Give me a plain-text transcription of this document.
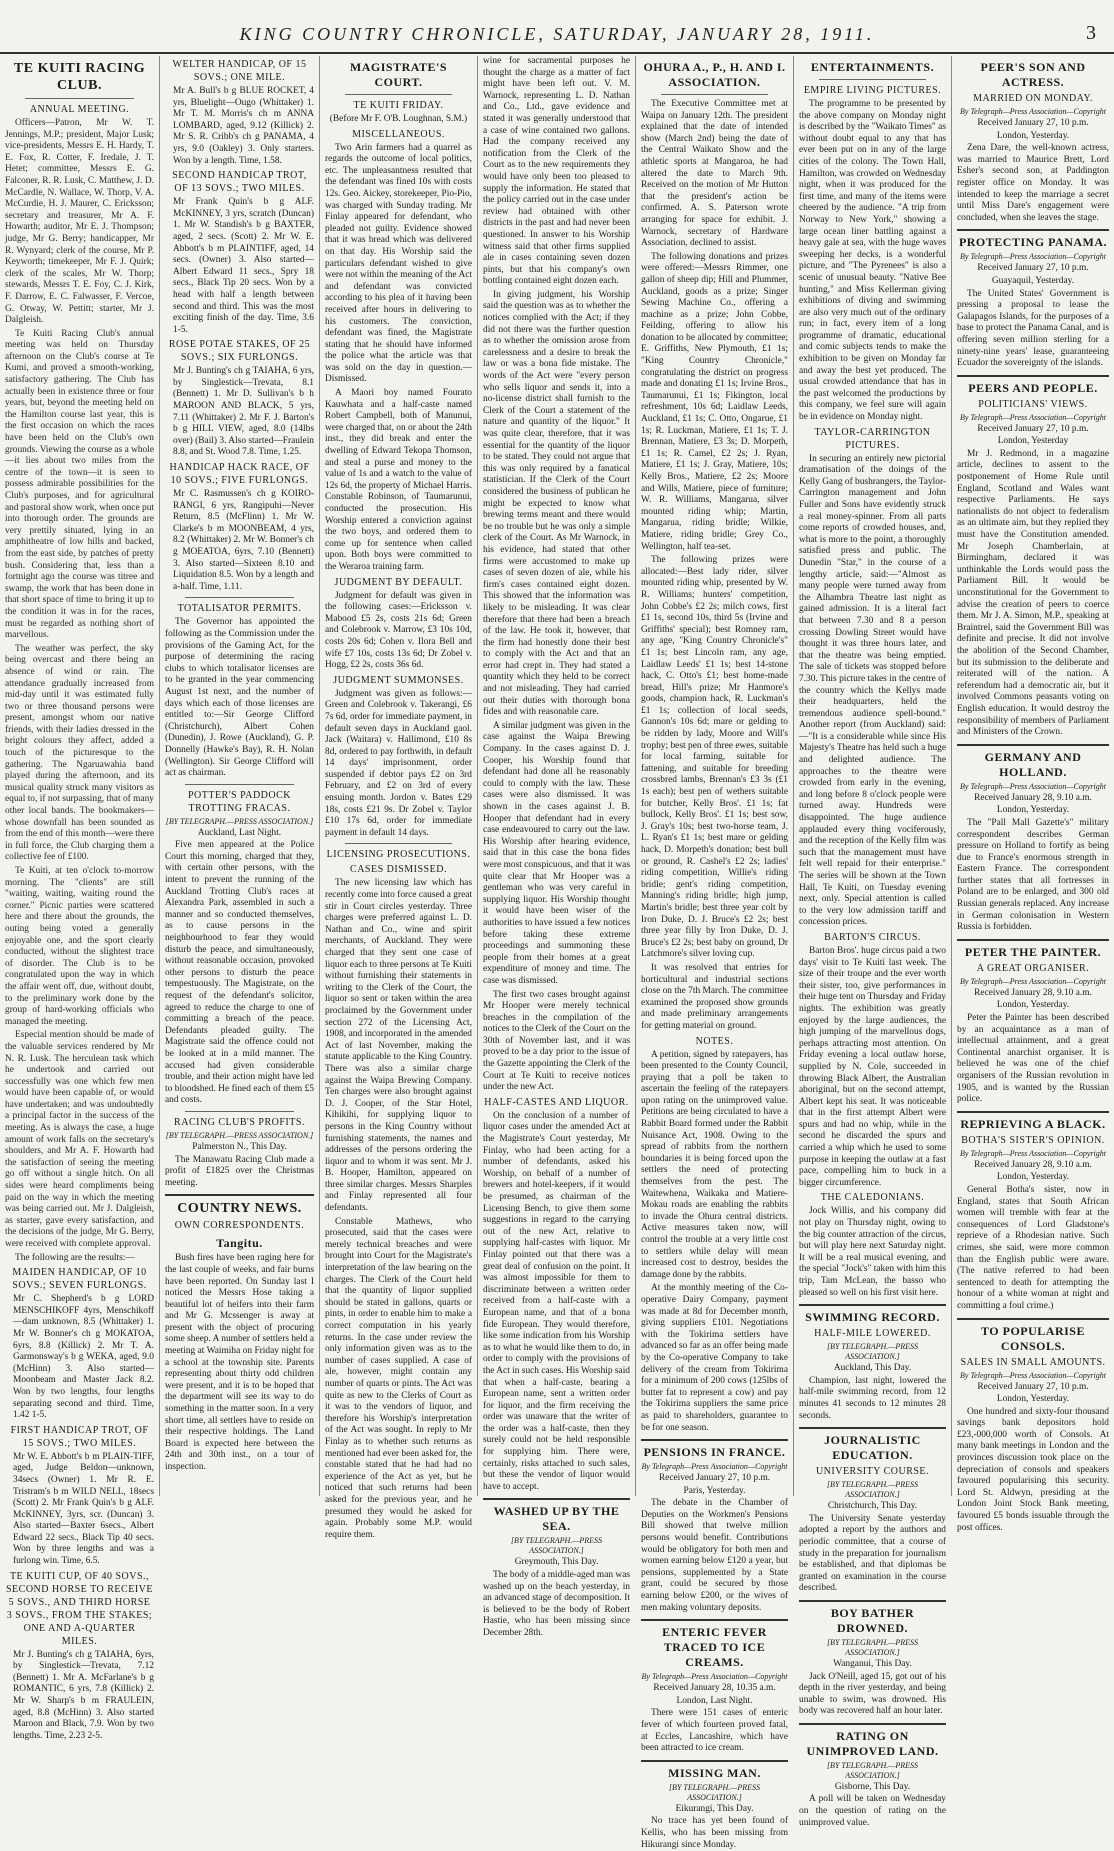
KING COUNTRY CHRONICLE, SATURDAY, JANUARY 28, 1911.	3
TE KUITI RACING CLUB.
ANNUAL MEETING.

Officers—Patron, Mr W. T. Jennings, M.P.; president, Major Lusk; vice-presidents, Messrs E. H. Hardy, T. E. Fox, R. Cotter, F. Iredale, J. T. Hetet; committee, Messrs E. G. Falconer, R. R. Lusk, C. Matthew, J. D. McCardle, N. Wallace, W. Thorp, V. A. McCurdie, H. J. Maurer, C. Ericksson; secretary and treasurer, Mr A. F. Howarth; auditor, Mr E. J. Thompson; judge, Mr G. Berry; handicapper, Mr R. Wynyard; clerk of the course, Mr P. Keyworth; timekeeper, Mr F. J. Quirk; clerk of the scales, Mr W. Thorp; stewards, Messrs T. E. Foy, C. J. Kirk, F. Darrow, E. C. Falwasser, F. Vercoe, G. Otway, W. Pettitt; starter, Mr J. Dalgleish.

Te Kuiti Racing Club's annual meeting was held on Thursday afternoon on the Club's course at Te Kumi, and proved a smooth-working, satisfactory gathering. The Club has actually been in existence three or four years, but, beyond the meeting held on the Hamilton course last year, this is the first occasion on which the races have been held on the Club's own grounds. Viewing the course as a whole—it lies about two miles from the centre of the town—it is seen to possess admirable possibilities for the Club's purposes, and for agricultural and pastoral show work, when once put into thorough order. The grounds are very prettily situated, lying in an amphitheatre of low hills and backed, from the east side, by patches of pretty bush. Considering that, less than a fortnight ago the course was titree and swamp, the work that has been done in that short space of time to bring it up to the condition it was in for the races, must be regarded as nothing short of marvellous.

The weather was perfect, the sky being overcast and there being an absence of wind or rain. The attendance gradually increased from mid-day until it was estimated fully two or three thousand persons were present, amongst whom our native friends, with their ladies dressed in the bright colours they affect, added a touch of the picturesque to the gathering. The Ngaruawahia band played during the afternoon, and its musical quality struck many visitors as equal to, if not surpassing, that of many other local bands. The bookmakers—whose downfall has been sounded as from the end of this month—were there in full force, the Club charging them a collective fee of £100.

Te Kuiti, at ten o'clock to-morrow morning. The "clients" are still "waiting, waiting, waiting round the corner." Picnic parties were scattered here and there about the grounds, the outing being voted a generally enjoyable one, and the sport clearly conducted, without the slightest trace of disorder. The Club is to be congratulated upon the way in which the affair went off, due, without doubt, to the preliminary work done by the group of hard-working officials who managed the meeting.

Especial mention should be made of the valuable services rendered by Mr N. R. Lusk. The herculean task which he undertook and carried out successfully was one which few men would have been capable of, or would have undertaken; and was undoubtedly a principal factor in the success of the meeting. As is always the case, a huge amount of work falls on the secretary's shoulders, and Mr A. F. Howarth had the satisfaction of seeing the meeting go off without a single hitch. On all sides were heard compliments being paid on the way in which the meeting was being carried out. Mr J. Dalgleish, as starter, gave every satisfaction, and the decisions of the judge, Mr G. Berry, were received with complete approval.

The following are the results:—

MAIDEN HANDICAP, OF 10 SOVS.; SEVEN FURLONGS.

Mr C. Shepherd's b g LORD MENSCHIKOFF 4yrs, Menschikoff—dam unknown, 8.5 (Whittaker) 1. Mr W. Bonner's ch g MOKATOA, 6yrs, 8.8 (Killick) 2. Mr T. A. Garmonsway's b g WEKA, aged, 9.0 (McHinn) 3. Also started—Moonbeam and Master Jack 8.2. Won by two lengths, four lengths separating second and third. Time, 1.42 1-5.

FIRST HANDICAP TROT, OF 15 SOVS.; TWO MILES.

Mr W. E. Abbott's b m PLAIN-TIFF, aged, Judge Beldon—unknown, 34secs (Owner) 1. Mr R. E. Tristram's b m WILD NELL, 18secs (Scott) 2. Mr Frank Quin's b g ALF. McKINNEY, 3yrs, scr. (Duncan) 3. Also started—Baxter 6secs., Albert Edward 22 secs., Black Tip 40 secs. Won by three lengths and was a furlong win. Time, 6.5.

TE KUITI CUP, OF 40 SOVS., SECOND HORSE TO RECEIVE 5 SOVS., AND THIRD HORSE 3 SOVS., FROM THE STAKES; ONE AND A-QUARTER MILES.

Mr J. Bunting's ch g TAIAHA, 6yrs, by Singlestick—Trevata, 7.12 (Bennett) 1. Mr A. McFarlane's b g ROMANTIC, 6 yrs, 7.8 (Killick) 2. Mr W. Sharp's b m FRAULEIN, aged, 8.8 (McHinn) 3. Also started Maroon and Black, 7.9. Won by two lengths. Time, 2.23 2-5.

WELTER HANDICAP, OF 15 SOVS.; ONE MILE.

Mr A. Bull's b g BLUE ROCKET, 4 yrs, Bluelight—Ougo (Whittaker) 1. Mr T. M. Morris's ch m ANNA LOMBARD, aged, 9.12 (Killick) 2. Mr S. R. Cribb's ch g PANAMA, 4 yrs, 9.0 (Oakley) 3. Only starters. Won by a length. Time, 1.58.

SECOND HANDICAP TROT, OF 13 SOVS.; TWO MILES.

Mr Frank Quin's b g ALF. McKINNEY, 3 yrs, scratch (Duncan) 1. Mr W. Standish's b g BAXTER, aged, 2 secs. (Scott) 2. Mr W. E. Abbott's b m PLAINTIFF, aged, 14 secs. (Owner) 3. Also started—Albert Edward 11 secs., Spry 18 secs., Black Tip 20 secs. Won by a head with half a length between second and third. This was the most exciting finish of the day. Time, 3.6 1-5.

ROSE POTAE STAKES, OF 25 SOVS.; SIX FURLONGS.

Mr J. Bunting's ch g TAIAHA, 6 yrs, by Singlestick—Trevata, 8.1 (Bennett) 1. Mr D. Sullivan's b h MAROON AND BLACK, 5 yrs, 7.11 (Whittaker) 2. Mr F. J. Barton's b g HILL VIEW, aged, 8.0 (14lbs over) (Bail) 3. Also started—Fraulein 8.8, and St. Wood 7.8. Time, 1.25.

HANDICAP HACK RACE, OF 10 SOVS.; FIVE FURLONGS.

Mr C. Rasmussen's ch g KOIRO-RANGI, 6 yrs, Rangipuhi—Never Return, 8.5 (McFlinn) 1. Mr W. Clarke's b m MOONBEAM, 4 yrs, 8.2 (Whittaker) 2. Mr W. Bonner's ch g MOEATOA, 6yrs, 7.10 (Bennett) 3. Also started—Sixteen 8.10 and Liquidation 8.5. Won by a length and a-half. Time, 1.11.

TOTALISATOR PERMITS.

The Governor has appointed the following as the Commission under the provisions of the Gaming Act, for the purpose of determining the racing clubs to which totalisator licenses are to be granted in the year commencing August 1st next, and the number of days which each of those licenses are entitled to:—Sir George Clifford (Christchurch), Albert Cohen (Dunedin), J. Rowe (Auckland), G. P. Donnelly (Hawke's Bay), R. H. Nolan (Wellington). Sir George Clifford will act as chairman.

POTTER'S PADDOCK TROTTING FRACAS.
[BY TELEGRAPH.—PRESS ASSOCIATION.]
Auckland, Last Night.

Five men appeared at the Police Court this morning, charged that they, with certain other persons, with the intent to prevent the running of the Auckland Trotting Club's races at Alexandra Park, assembled in such a manner and so conducted themselves, as to cause persons in the neighbourhood to fear they would disturb the peace, and simultaneously, without reasonable occasion, provoked other persons to disturb the peace tempestuously. The Magistrate, on the request of the defendant's solicitor, agreed to reduce the charge to one of committing a breach of the peace. Defendants pleaded guilty. The Magistrate said the offence could not be looked at in a mild manner. The accused had given considerable trouble, and their action might have led to bloodshed. He fined each of them £5 and costs.

RACING CLUB'S PROFITS.
[BY TELEGRAPH.—PRESS ASSOCIATION.]
Palmerston N., This Day.

The Manawatu Racing Club made a profit of £1825 over the Christmas meeting.

COUNTRY NEWS.
OWN CORRESPONDENTS.
Tangitu.

Bush fires have been raging here for the last couple of weeks, and fair burns have been reported. On Sunday last I noticed the Messrs Hose taking a beautiful lot of heifers into their farm and Mr G. Mcssenger is away at present with the object of procuring some sheep. A number of settlers held a meeting at Waimiha on Friday night for a school at the township site. Parents representing about thirty odd children were present, and it is to be hoped that the department will see its way to do something in the matter soon. In a very short time, all settlers have to reside on their respective holdings. The Land Board is expected here between the 24th and 30th inst., on a tour of inspection.

MAGISTRATE'S COURT.
TE KUITI FRIDAY.
(Before Mr F. O'B. Loughnan, S.M.)
MISCELLANEOUS.

Two Arin farmers had a quarrel as regards the outcome of local politics, etc. The unpleasantness resulted that the defendant was fined 10s with costs 12s. Geo. Aickey, storekeeper, Pio-Pio, was charged with Sunday trading. Mr Finlay appeared for defendant, who pleaded not guilty. Evidence showed that it was bread which was delivered on that day. His Worship said the particulars defendant wished to give were not within the meaning of the Act and defendant was convicted according to his plea of it having been received after hours in delivering to his customers. The conviction, defendant was fined, the Magistrate stating that he should have informed the police what the article was that was sold on the day in question.—Dismissed.

A Maori boy named Fourato Kauwhata and a half-caste named Robert Campbell, both of Manunui, were charged that, on or about the 24th inst., they did break and enter the dwelling of Edward Tekopa Thomson, and steal a purse and money to the value of 1s and a watch to the value of 12s 6d, the property of Michael Harris. Constable Robinson, of Taumarunui, conducted the prosecution. His Worship entered a conviction against the two boys, and ordered them to come up for sentence when called upon. Both boys were committed to the Weraroa training farm.

JUDGMENT BY DEFAULT.

Judgment for default was given in the following cases:—Ericksson v. Mabood £5 2s, costs 21s 6d; Green and Colebrook v. Marrow, £3 10s 10d, costs 20s 6d; Cohen v. Ilora Bell and wife £7 10s, costs 13s 6d; Dr Zobel v. Hogg, £2 2s, costs 36s 6d.

JUDGMENT SUMMONSES.

Judgment was given as follows:—Green and Colebrook v. Takerangi, £6 7s 6d, order for immediate payment, in default seven days in Auckland gaol. Jack (Waitara) v. Hallimond, £10 8s 8d, ordered to pay forthwith, in default 14 days' imprisonment, order suspended if debtor pays £2 on 3rd February, and £2 on 3rd of every ensuing month. Jordon v. Bates £29 18s, costs £21 9s. Dr Zobel v. Taylor £10 17s 6d, order for immediate payment in default 14 days.

LICENSING PROSECUTIONS.
CASES DISMISSED.

The new licensing law which has recently come into force caused a great stir in Court circles yesterday. Three charges were preferred against L. D. Nathan and Co., wine and spirit merchants, of Auckland. They were charged that they sent one case of liquor each to three persons at Te Kuiti without furnishing their statements in writing to the Clerk of the Court, the liquor so sent or taken within the area proclaimed by the Government under section 272 of the Licensing Act, 1908, and incorporated in the amended Act of last November, making the statute applicable to the King Country. There was also a similar charge against the Waipa Brewing Company. Ten charges were also brought against D. J. Cooper, of the Star Hotel, Kihikihi, for supplying liquor to persons in the King Country without furnishing statements, the names and addresses of the persons ordering the liquor and to whom it was sent. Mr J. B. Hooper, Hamilton, appeared on three similar charges. Messrs Sharples and Finlay represented all four defendants.

Constable Mathews, who prosecuted, said that the cases were merely technical breaches and were brought into Court for the Magistrate's interpretation of the law bearing on the charges. The Clerk of the Court held that the quantity of liquor supplied should be stated in gallons, quarts or pints, in order to enable him to make a correct computation in his yearly returns. In the case under review the only information given was as to the number of cases supplied. A case of ale, however, might contain any number of quarts or pints. The Act was quite as new to the Clerks of Court as it was to the vendors of liquor, and therefore his Worship's interpretation of the Act was sought. In reply to Mr Finlay as to whether such returns as mentioned had ever been asked for, the constable stated that he had had no experience of the Act as yet, but he noticed that such returns had been asked for the previous year, and he presumed they would be asked for again. Probably some M.P. would require them.

wine for sacramental purposes he thought the charge as a matter of fact might have been left out. V. M. Warnock, representing L. D. Nathan and Co., Ltd., gave evidence and stated it was generally understood that a case of wine contained two gallons. Had the company received any notification from the Clerk of the Court as to the new requirements they would have only been too pleased to supply the information. He stated that the policy carried out in the case under review had obtained with other districts in the past and had never been questioned. In answer to his Worship witness said that other firms supplied ale in cases containing seven dozen pints, but that his company's own bottling contained eight dozen each.

In giving judgment, his Worship said the question was as to whether the notices complied with the Act; if they did not there was the further question as to whether the omission arose from carelessness and a desire to break the law or was a bona fide mistake. The words of the Act were "every person who sells liquor and sends it, into a no-license district shall furnish to the Clerk of the Court a statement of the nature and quantity of the liquor." It was quite clear, therefore, that it was essential for the quantity of the liquor to be stated. They could not argue that this was only required by a fanatical statistician. If the Clerk of the Court considered the business of publican he might be expected to know what brewing terms meant and there would be no trouble but he was only a simple clerk of the Court. As Mr Warnock, in his evidence, had stated that other firms were accustomed to make up cases of seven dozen of ale, while his firm's cases contained eight dozen. This showed that the information was likely to be misleading. It was clear therefore that there had been a breach of the law. He took it, however, that the firm had honestly done their best to comply with the Act and that an error had crept in. They had stated a quantity which they held to be correct and not misleading. They had carried out their duties with thorough bona fides and with reasonable care.

A similar judgment was given in the case against the Waipa Brewing Company. In the cases against D. J. Cooper, his Worship found that defendant had done all he reasonably could to comply with the law. These cases were also dismissed. It was shown in the cases against J. B. Hooper that defendant had in every case endeavoured to carry out the law. His Worship after hearing evidence, said that in this case the bona fides were most conspicuous, and that it was quite clear that Mr Hooper was a gentleman who was very careful in supplying liquor. His Worship thought it would have been wiser of the authorities to have issued a few notices before taking these extreme proceedings and summoning these people from their homes at a great expenditure of money and time. The case was dismissed.

The first two cases brought against Mr Hooper were merely technical breaches in the compilation of the notices to the Clerk of the Court on the 30th of November last, and it was proved to be a day prior to the issue of the Gazette appointing the Clerk of the Court at Te Kuiti to receive notices under the new Act.

HALF-CASTES AND LIQUOR.

On the conclusion of a number of liquor cases under the amended Act at the Magistrate's Court yesterday, Mr Finlay, who had been acting for a number of defendants, asked his Worship, on behalf of a number of brewers and hotel-keepers, if it would be presumed, as chairman of the Licensing Bench, to give them some suggestions in regard to the carrying out of the new Act, relative to supplying half-castes with liquor. Mr Finlay pointed out that there was a great deal of confusion on the point. It was almost impossible for them to discriminate between a written order received from a half-caste with a European name, and that of a bona fide European. They would therefore, like some indication from his Worship as to what he would like them to do, in order to comply with the provisions of the Act in such cases. His Worship said that when a half-caste, bearing a European name, sent a written order for liquor, and the firm receiving the order was unaware that the writer of the order was a half-caste, then they surely could not be held responsible for supplying him. There were, certainly, risks attached to such sales, but these the vendor of liquor would have to accept.

WASHED UP BY THE SEA.
[BY TELEGRAPH.—PRESS ASSOCIATION.]
Greymouth, This Day.

The body of a middle-aged man was washed up on the beach yesterday, in an advanced stage of decomposition. It is believed to be the body of Robert Hastie, who has been missing since December 28th.

OHURA A., P., H. AND I. ASSOCIATION.

The Executive Committee met at Waipa on January 12th. The president explained that the date of intended show (March 2nd) being the date of the Central Waikato Show and the athletic sports at Mangaroa, he had altered the date to March 9th. Received on the motion of Mr Hutton that the president's action be confirmed. A. S. Paterson wrote arranging for space for exhibit. J. Warnock, secretary of Hardware Association, declined to assist.

The following donations and prizes were offered:—Messrs Rimmer, one gallon of sheep dip; Hill and Plummer, Auckland, goods as a prize; Singer Sewing Machine Co., offering a machine as a prize; John Cobbe, Feilding, offering to allow his donation to be allocated by committee; E. Griffiths, New Plymouth, £1 1s; "King Country Chronicle," congratulating the district on progress made and donating £1 1s; Irvine Bros., Taumarunui, £1 1s; Fikington, local refreshment, 10s 6d; Laidlaw Leeds, Auckland, £1 1s; C. Otto, Ongarue, £1 1s; R. Luckman, Matiere, £1 1s; T. J. Brennan, Matiere, £3 3s; D. Morpeth, £1 1s; R. Camel, £2 2s; J. Ryan, Matiere, £1 1s; J. Gray, Matiere, 10s; Kelly Bros., Matiere, £2 2s; Moore and Wills, Matiere, piece of furniture; W. R. Williams, Mangarua, silver mounted riding whip; Martin, Mangarua, riding bridle; Wilkie, Matiere, riding bridle; Grey Co., Wellington, half tea-set.

The following prizes were allocated:—Best lady rider, silver mounted riding whip, presented by W. R. Williams; hunters' competition, John Cobbe's £2 2s; milch cows, first £1 1s, second 10s, third 5s (Irvine and Griffiths' special); best Romney ram, any age, "King Country Chronicle's" £1 1s; best Lincoln ram, any age, Laidlaw Leeds' £1 1s; best 14-stone hack, C. Otto's £1; best home-made bread, Hill's prize; Mr Hanmore's goods, champion hack, R. Luckman's £1 1s; collection of local seeds, Gannon's 10s 6d; mare or gelding to be ridden by lady, Moore and Will's trophy; best pen of three ewes, suitable for local farming, suitable for fattening, and suitable for breeding crossbred lambs, Brennan's £3 3s (£1 1s each); best pen of wethers suitable for butcher, Kelly Bros'. £1 1s; fat bullock, Kelly Bros'. £1 1s; best sow, J. Gray's 10s; best two-horse team, J. L. Ryan's £1 1s; best mare or gelding hack, D. Morpeth's donation; best bull or ground, R. Cashel's £2 2s; ladies' riding competition, Willie's riding bridle; gent's riding competition, Manning's riding bridle; high jump, Martin's bridle; best three year colt by Iron Duke, D. J. Bruce's £2 2s; best three year filly by Iron Duke, D. J. Bruce's £2 2s; best baby on ground, Dr Latchmore's silver loving cup.

It was resolved that entries for horticultural and industrial sections close on the 7th March. The committee examined the proposed show grounds and made preliminary arrangements for getting material on ground.

NOTES.

A petition, signed by ratepayers, has been presented to the County Council, praying that a poll be taken to ascertain the feeling of the ratepayers upon rating on the unimproved value. Petitions are being circulated to have a Rabbit Board formed under the Rabbit Nuisance Act, 1908. Owing to the spread of rabbits from the northern boundaries it is being forced upon the settlers the need of protecting themselves from the pest. The Waitewhena, Waikaka and Matiere-Mokau roads are enabling the rabbits to invade the Ohura central districts. Active measures taken now, will control the trouble at a very little cost to settlers while delay will mean increased cost to destroy, besides the damage done by the rabbits.

At the monthly meeting of the Co-operative Dairy Company, payment was made at 8d for December month, giving suppliers £101. Negotiations with the Tokirima settlers have advanced so far as an offer being made by the Co-operative Company to take delivery of the cream from Tokirima for a minimum of 200 cows (125lbs of butter fat to represent a cow) and pay the Tokirima suppliers the same price as paid to shareholders, guarantee to be for one season.

PENSIONS IN FRANCE.
By Telegraph—Press Association—Copyright
Received January 27, 10 p.m.
Paris, Yesterday.

The debate in the Chamber of Deputies on the Workmen's Pensions Bill showed that twelve million persons would benefit. Contributions would be obligatory for both men and women earning below £120 a year, but pensions, supplemented by a State grant, could be secured by those earning below £200, or the wives of men making voluntary deposits.

ENTERIC FEVER TRACED TO ICE CREAMS.
By Telegraph—Press Association—Copyright
Received January 28, 10.35 a.m.
London, Last Night.

There were 151 cases of enteric fever of which fourteen proved fatal, at Eccles, Lancashire, which have been attracted to ice cream.

MISSING MAN.
[BY TELEGRAPH.—PRESS ASSOCIATION.]
Eikurangi, This Day.

No trace has yet been found of Kellis, who has been missing from Hikurangi since Monday.

ENTERTAINMENTS.
EMPIRE LIVING PICTURES.

The programme to be presented by the above company on Monday night is described by the "Waikato Times" as without doubt equal to any that has ever been put on in any of the large cities of the colony. The Town Hall, Hamilton, was crowded on Wednesday night, when it was produced for the first time, and many of the items were cheered by the audience. "A trip from Norway to New York," showing a large ocean liner battling against a heavy gale at sea, with the huge waves sweeping her decks, is a wonderful picture, and "The Pyrenees" is also a scenic of unusual beauty. "Native Bee hunting," and Miss Kellerman giving exhibitions of diving and swimming are also very much out of the ordinary run; in fact, every item of a long programme of dramatic, educational and comic subjects tends to make the exhibition to be given on Monday far and away the best yet produced. The usual crowded attendance that has in the past welcomed the productions by this company, we feel sure will again be in evidence on Monday night.

TAYLOR-CARRINGTON PICTURES.

In securing an entirely new pictorial dramatisation of the doings of the Kelly Gang of bushrangers, the Taylor-Carrington management and John Fuller and Sons have evidently struck a real money-spinner. From all parts come reports of crowded houses, and, what is more to the point, a thoroughly satisfied press and public. The Dunedin "Star," in the course of a lengthy article, said:—"Almost as many people were turned away from the Alhambra Theatre last night as gained admission. It is a literal fact that between 7.30 and 8 a person crossing Dowling Street would have thought it was three hours later, and that the theatre was being emptied. The sale of tickets was stopped before 7.30. This picture takes in the centre of the country which the Kellys made their headquarters, held the tremendous audience spell-bound." Another report (from Auckland) said:—"It is a considerable while since His Majesty's Theatre has held such a huge and delighted audience. The approaches to the theatre were crowded from early in the evening, and long before 8 o'clock people were turned away. Hundreds were disappointed. The huge audience applauded every thing vociferously, and the reception of the Kelly film was such that the management must have felt well repaid for their enterprise." The series will be shown at the Town Hall, Te Kuiti, on Tuesday evening next, only. Special attention is called to the very low admission tariff and concession prices.

BARTON'S CIRCUS.

Barton Bros'. huge circus paid a two days' visit to Te Kuiti last week. The size of their troupe and the ever worth their sister, too, give performances in their huge tent on Thursday and Friday nights. The exhibition was greatly enjoyed by the large audiences, the high jumping of the marvellous dogs, perhaps attracting most attention. On Friday evening a local outlaw horse, supplied by N. Cole, succeeded in throwing Black Albert, the Australian aboriginal, but on the second attempt, Albert kept his seat. It was noticeable that in the first attempt Albert were spurs and had no whip, while in the second he discarded the spurs and carried a whip which he used to some purpose in keeping the outlaw at a fast pace, compelling him to buck in a bigger circumference.

THE CALEDONIANS.

Jock Willis, and his company did not play on Thursday night, owing to the big counter attraction of the circus, but will play here next Saturday night. It will be a real musical evening, and the special "Jock's" taken with him this trip, Tam McLean, the basso who pleased so well on his first visit here.

SWIMMING RECORD.
HALF-MILE LOWERED.
[BY TELEGRAPH.—PRESS ASSOCIATION.]
Auckland, This Day.

Champion, last night, lowered the half-mile swimming record, from 12 minutes 41 seconds to 12 minutes 28 seconds.

JOURNALISTIC EDUCATION.
UNIVERSITY COURSE.
[BY TELEGRAPH.—PRESS ASSOCIATION.]
Christchurch, This Day.

The University Senate yesterday adopted a report by the authors and periodic committee, that a course of study in the preparation for journalism be established, and that diplomas be granted on examination in the course described.

BOY BATHER DROWNED.
[BY TELEGRAPH.—PRESS ASSOCIATION.]
Wanganui, This Day.

Jack O'Neill, aged 15, got out of his depth in the river yesterday, and being unable to swim, was drowned. His body was recovered half an hour later.

RATING ON UNIMPROVED LAND.
[BY TELEGRAPH.—PRESS ASSOCIATION.]
Gisborne, This Day.

A poll will be taken on Wednesday on the question of rating on the unimproved value.

PEER'S SON AND ACTRESS.
MARRIED ON MONDAY.
By Telegraph—Press Association—Copyright
Received January 27, 10 p.m.
London, Yesterday.

Zena Dare, the well-known actress, was married to Maurice Brett, Lord Esher's second son, at Paddington register office on Monday. It was intended to keep the marriage a secret until Miss Dare's engagement were concluded, when she leaves the stage.

PROTECTING PANAMA.
By Telegraph—Press Association—Copyright
Received January 27, 10 p.m.
Guayaquil, Yesterday.

The United States' Government is pressing a proposal to lease the Galapagos Islands, for the purposes of a base to protect the Panama Canal, and is offering seven million sterling for a ninety-nine years' lease, guaranteeing Ecuador the sovereignty of the islands.

PEERS AND PEOPLE.
POLITICIANS' VIEWS.
By Telegraph—Press Association—Copyright
Received January 27, 10 p.m.
London, Yesterday

Mr J. Redmond, in a magazine article, declines to assent to the postponement of Home Rule until England, Scotland and Wales want respective Parliaments. He says nationalists do not object to federalism as an ultimate aim, but they replied they must have the Constitution amended. Mr Joseph Chamberlain, at Birmingham, declared it was unthinkable the Lords would pass the Parliament Bill. It would be unconstitutional for the Government to advise the creation of peers to coerce them. Mr J. A. Simon, M.P., speaking at Braintrel, said the Government Bill was definite and precise. It did not involve the abolition of the Second Chamber, but its submission to the deliberate and reiterated will of the nation. A referendum had a democratic air, but it involved Commons peasants voting on English education. It would destroy the responsibility of members of Parliament and Ministers of the Crown.

GERMANY AND HOLLAND.
By Telegraph—Press Association—Copyright
Received January 28, 9.10 a.m.
London, Yesterday.

The "Pall Mall Gazette's" military correspondent describes German pressure on Holland to fortify as being due to France's enormous strength in Eastern France. The correspondent further states that all fortresses in Poland are to be enlarged, and 300 old Russian generals replaced. Any increase in German colonisation in Western Russia is forbidden.

PETER THE PAINTER.
A GREAT ORGANISER.
By Telegraph—Press Association—Copyright
Received January 28, 9.10 a.m.
London, Yesterday.

Peter the Painter has been described by an acquaintance as a man of intellectual attainment, and a great Continental anarchist organiser. It is believed he was one of the chief organisers of the Russian revolution in 1905, and is wanted by the Russian police.

REPRIEVING A BLACK.
BOTHA'S SISTER'S OPINION.
By Telegraph—Press Association—Copyright
Received January 28, 9.10 a.m.
London, Yesterday.

General Botha's sister, now in England, states that South African women will tremble with fear at the consequences of Lord Gladstone's reprieve of a Rhodesian native. Such crimes, she said, were more common than the English public were aware. (The native referred to had been sentenced to death for attempting the honour of a white woman at night and committing a foul crime.)

TO POPULARISE CONSOLS.
SALES IN SMALL AMOUNTS.
By Telegraph—Press Association—Copyright
Received January 27, 10 p.m.
London, Yesterday.

One hundred and sixty-four thousand savings bank depositors hold £23,-000,000 worth of Consols. At many bank meetings in London and the provinces discussion took place on the depreciation of consols and speakers favoured popularising this security. Lord St. Aldwyn, presiding at the London Joint Stock Bank meeting, favoured £5 bonds issuable through the post offices.
